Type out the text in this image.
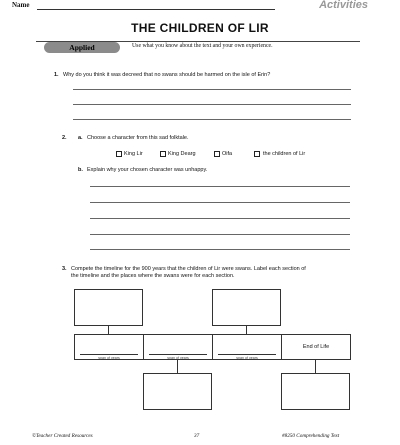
Name	Activities
THE CHILDREN OF LIR
Applied	Use what you know about the text and your own experience.
1. Why do you think it was decreed that no swans should be harmed on the isle of Erin?
2. a. Choose a character from this sad folktale.
King Lir	King Dearg	Oifa	the children of Lir
b. Explain why your chosen character was unhappy.
3. Compete the timeline for the 900 years that the children of Lir were swans. Label each section of
the timeline and the places where the swans were for each section.
span of years	span of years	span of years
End of Life
©Teacher Created Resources	37	#8250 Comprehending Text
